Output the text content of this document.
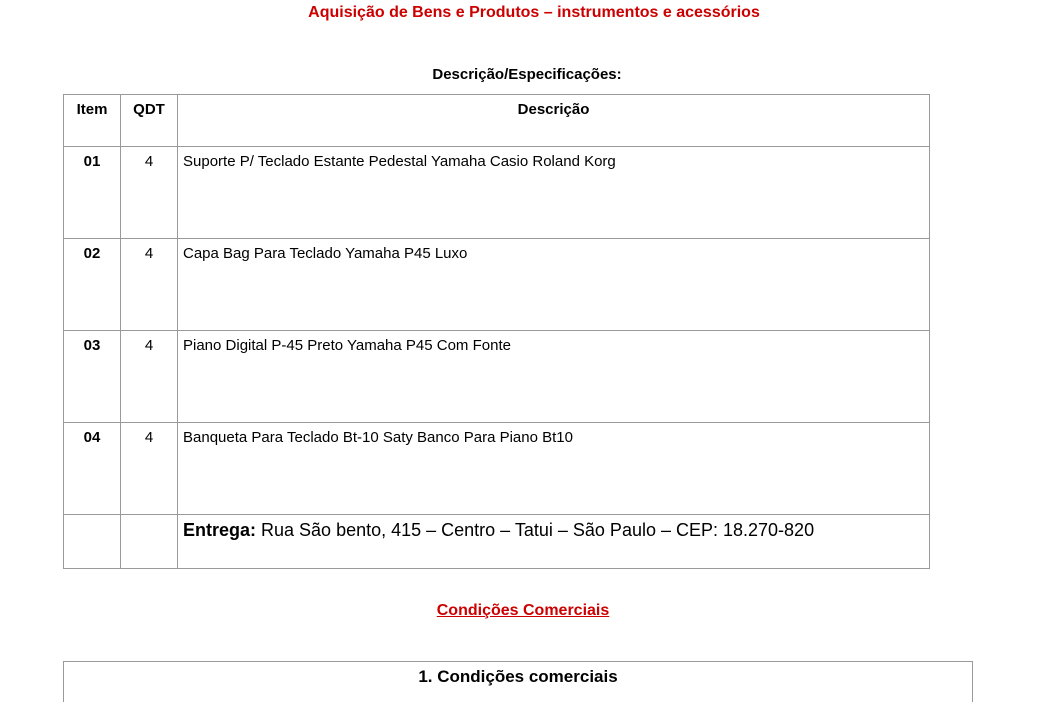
Aquisição de Bens e Produtos – instrumentos e acessórios
Descrição/Especificações:
Item	QDT	Descrição
01	4	Suporte P/ Teclado Estante Pedestal Yamaha Casio Roland Korg
02	4	Capa Bag Para Teclado Yamaha P45 Luxo
03	4	Piano Digital P-45 Preto Yamaha P45 Com Fonte
04	4	Banqueta Para Teclado Bt-10 Saty Banco Para Piano Bt10
		Entrega: Rua São bento, 415 – Centro – Tatui – São Paulo – CEP: 18.270-820
Condições Comerciais
1. Condições comerciais
